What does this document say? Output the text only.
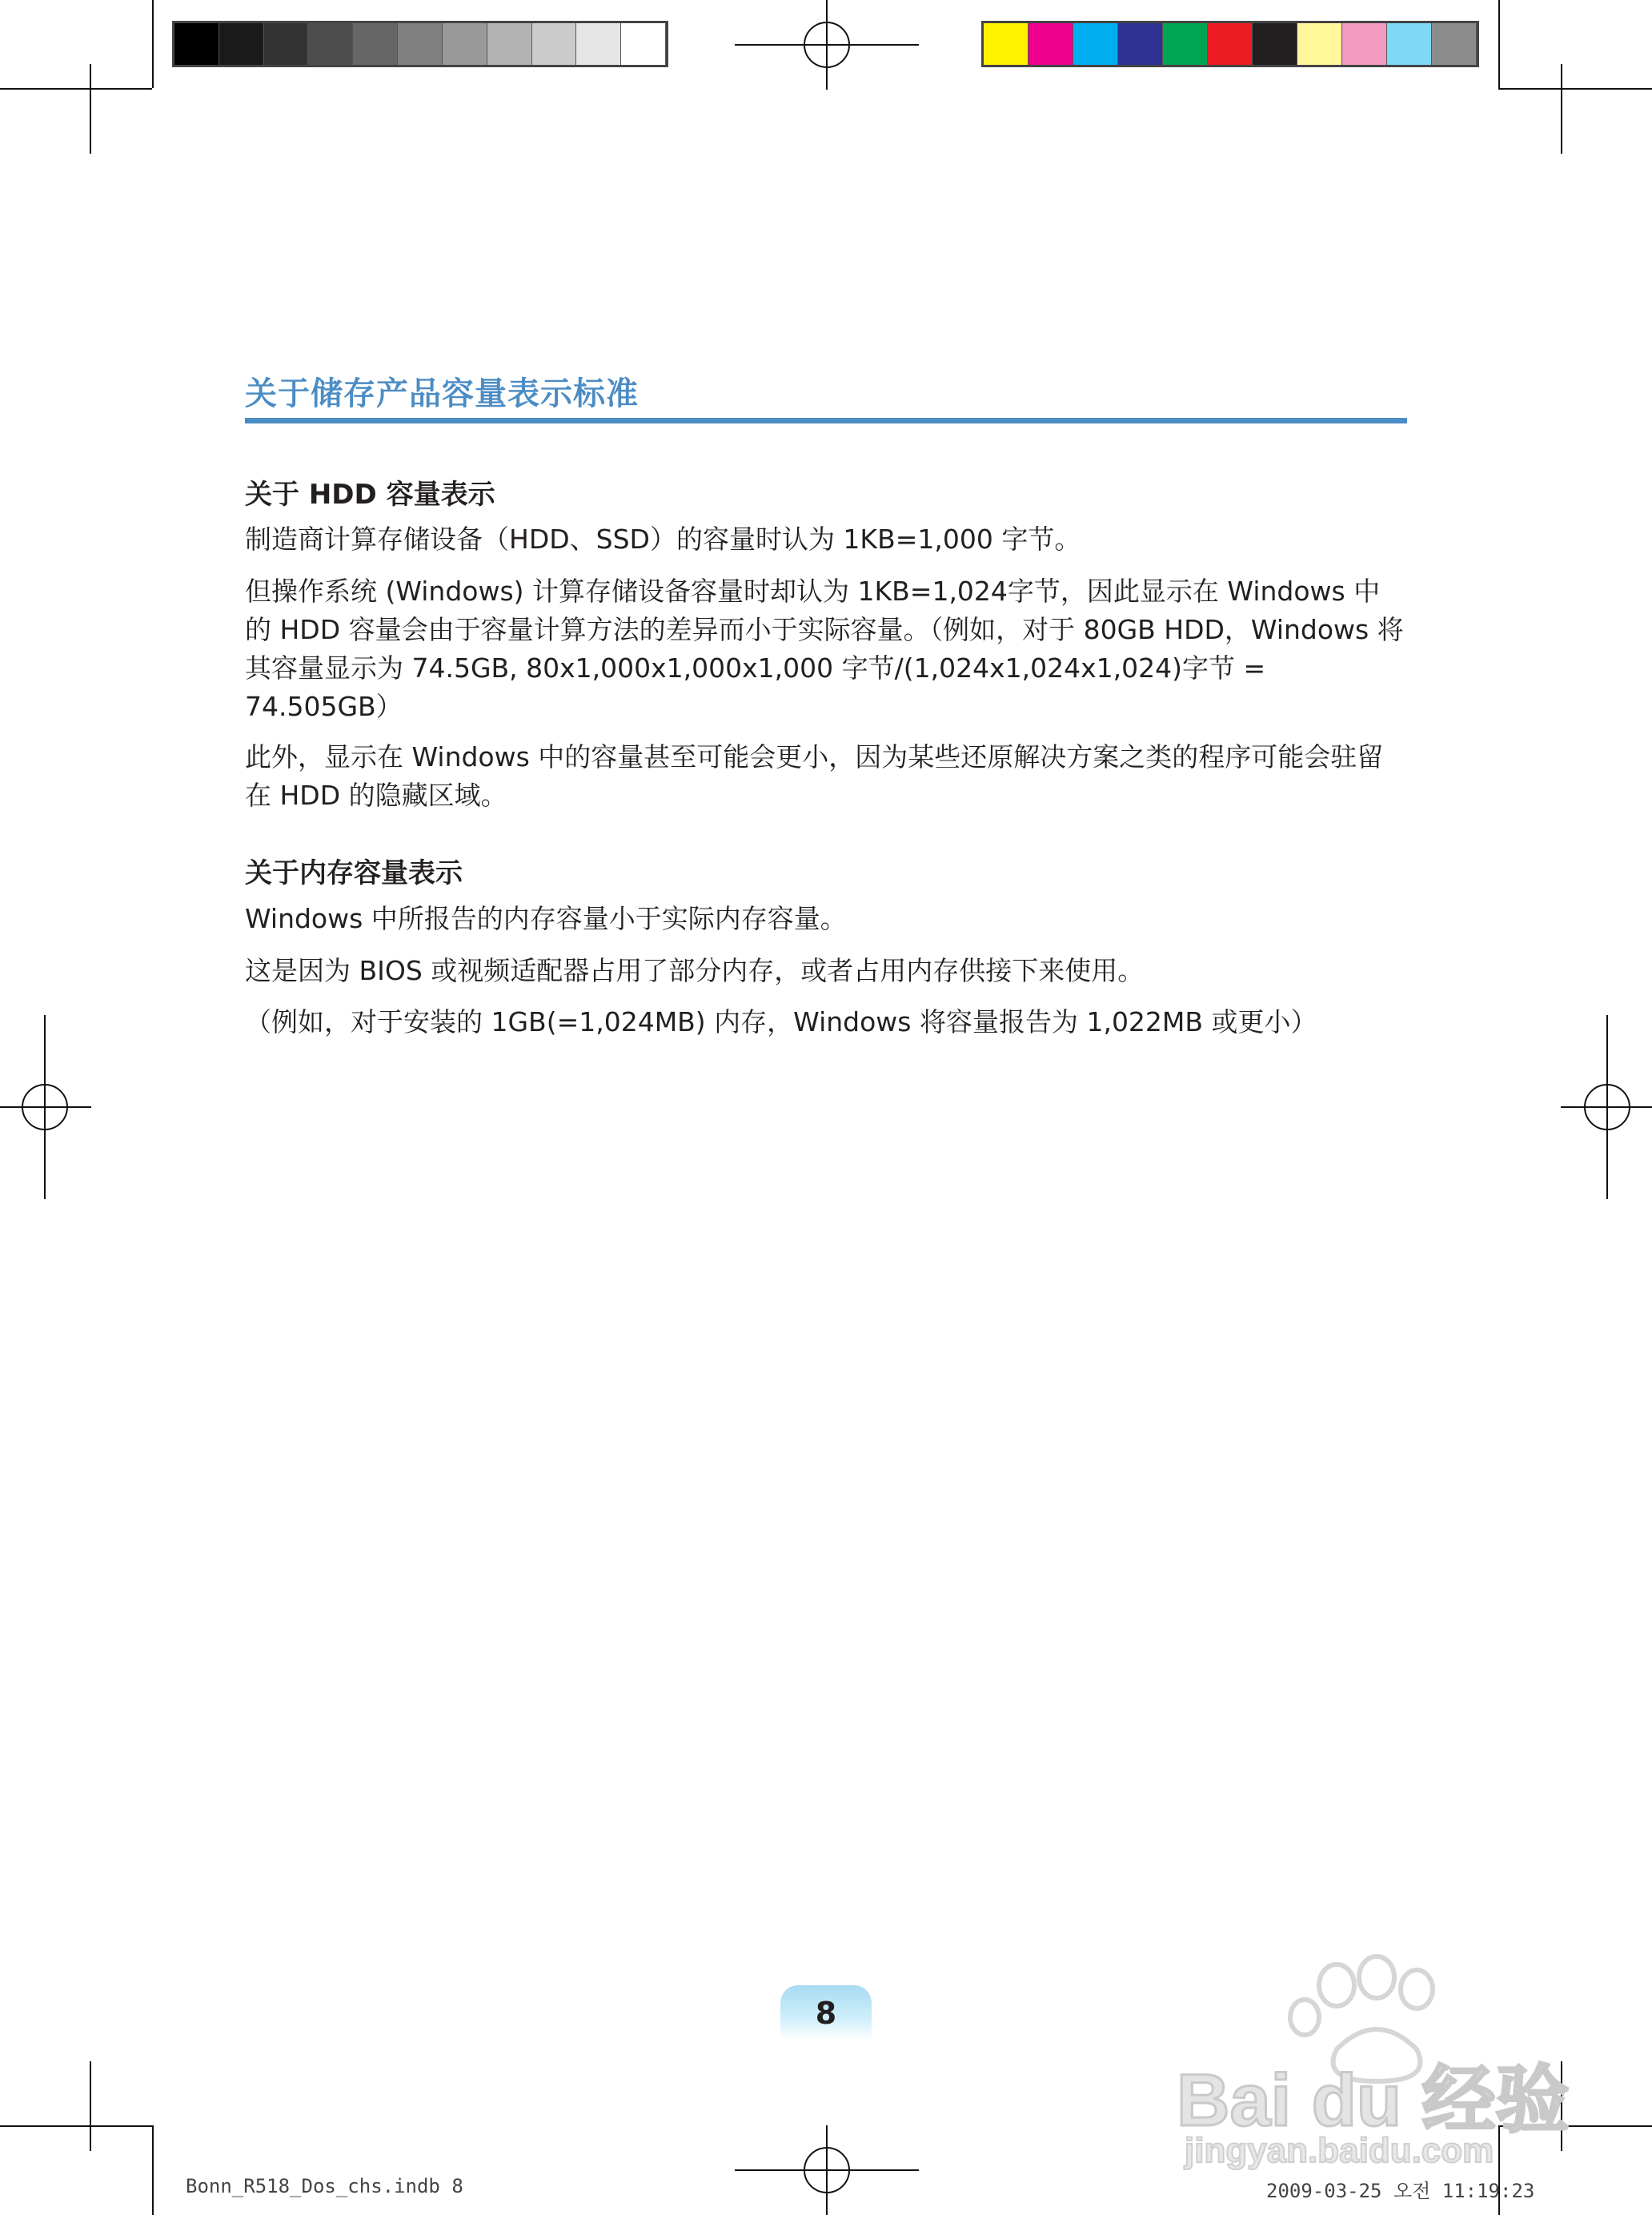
关于储存产品容量表示标准
关于 HDD 容量表示
制造商计算存储设备（HDD、SSD）的容量时认为 1KB=1,000 字节。
但操作系统 (Windows) 计算存储设备容量时却认为 1KB=1,024字节，因此显示在 Windows 中的 HDD 容量会由于容量计算方法的差异而小于实际容量。（例如，对于 80GB HDD，Windows 将其容量显示为 74.5GB, 80x1,000x1,000x1,000 字节/(1,024x1,024x1,024)字节 = 74.505GB）
此外，显示在 Windows 中的容量甚至可能会更小，因为某些还原解决方案之类的程序可能会驻留在 HDD 的隐藏区域。
关于内存容量表示
Windows 中所报告的内存容量小于实际内存容量。
这是因为 BIOS 或视频适配器占用了部分内存，或者占用内存供接下来使用。
（例如，对于安装的 1GB(=1,024MB) 内存，Windows 将容量报告为 1,022MB 或更小）
8
Bai du 经验
jingyan.baidu.com
Bonn_R518_Dos_chs.indb 8	2009-03-25 오전 11:19:23
